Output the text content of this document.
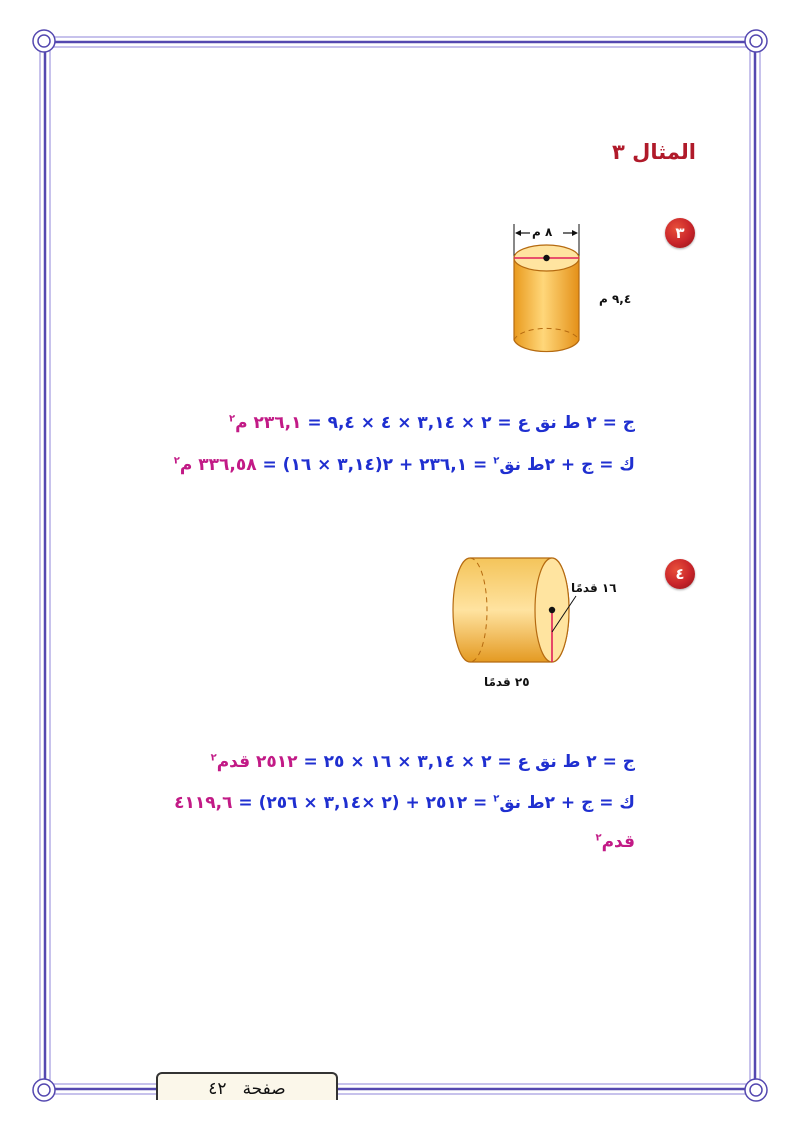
المثال ٣
٣
٨ م
٩,٤ م
ج = ٢ ط نق ع = ٢ × ٣,١٤ × ٤ × ٩,٤ = ٢٣٦,١ م$^٢$
ك = ج + ٢ط نق$^٢$ = ٢٣٦,١ + ٢(٣,١٤ × ١٦) = ٣٣٦,٥٨ م$^٢$
٤
١٦ قدمًا
٢٥ قدمًا
ج = ٢ ط نق ع = ٢ × ٣,١٤ × ١٦ × ٢٥ = ٢٥١٢ قدم$^٢$
ك = ج + ٢ط نق$^٢$ = ٢٥١٢ + (٢ ×٣,١٤ × ٢٥٦) = ٤١١٩,٦
قدم$^٢$
صفحة٤٢
